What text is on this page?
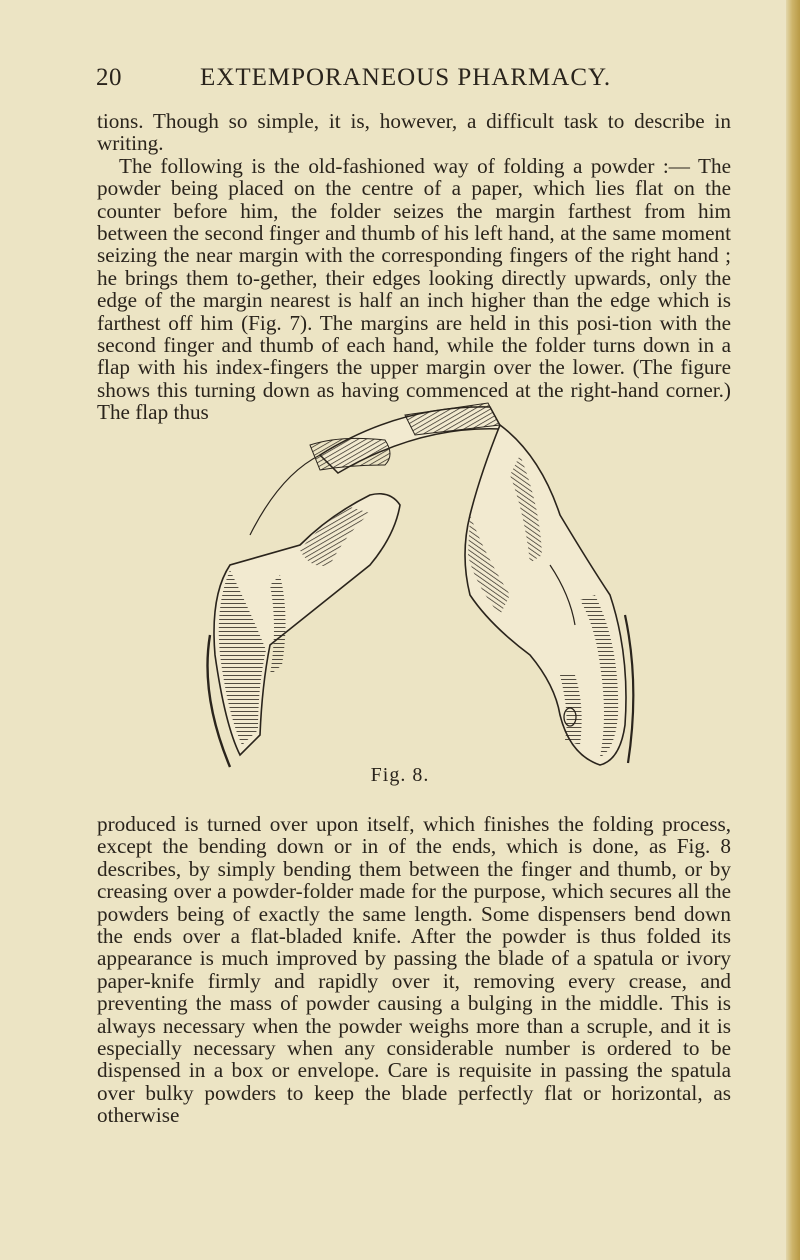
20	EXTEMPORANEOUS PHARMACY.

tions. Though so simple, it is, however, a difficult task to describe in writing.

The following is the old-fashioned way of folding a powder :— The powder being placed on the centre of a paper, which lies flat on the counter before him, the folder seizes the margin farthest from him between the second finger and thumb of his left hand, at the same moment seizing the near margin with the corresponding fingers of the right hand ; he brings them to-gether, their edges looking directly upwards, only the edge of the margin nearest is half an inch higher than the edge which is farthest off him (Fig. 7). The margins are held in this posi-tion with the second finger and thumb of each hand, while the folder turns down in a flap with his index-fingers the upper margin over the lower. (The figure shows this turning down as having commenced at the right-hand corner.) The flap thus

Fig. 8.

produced is turned over upon itself, which finishes the folding process, except the bending down or in of the ends, which is done, as Fig. 8 describes, by simply bending them between the finger and thumb, or by creasing over a powder-folder made for the purpose, which secures all the powders being of exactly the same length. Some dispensers bend down the ends over a flat-bladed knife. After the powder is thus folded its appearance is much improved by passing the blade of a spatula or ivory paper-knife firmly and rapidly over it, removing every crease, and preventing the mass of powder causing a bulging in the middle. This is always necessary when the powder weighs more than a scruple, and it is especially necessary when any considerable number is ordered to be dispensed in a box or envelope. Care is requisite in passing the spatula over bulky powders to keep the blade perfectly flat or horizontal, as otherwise
